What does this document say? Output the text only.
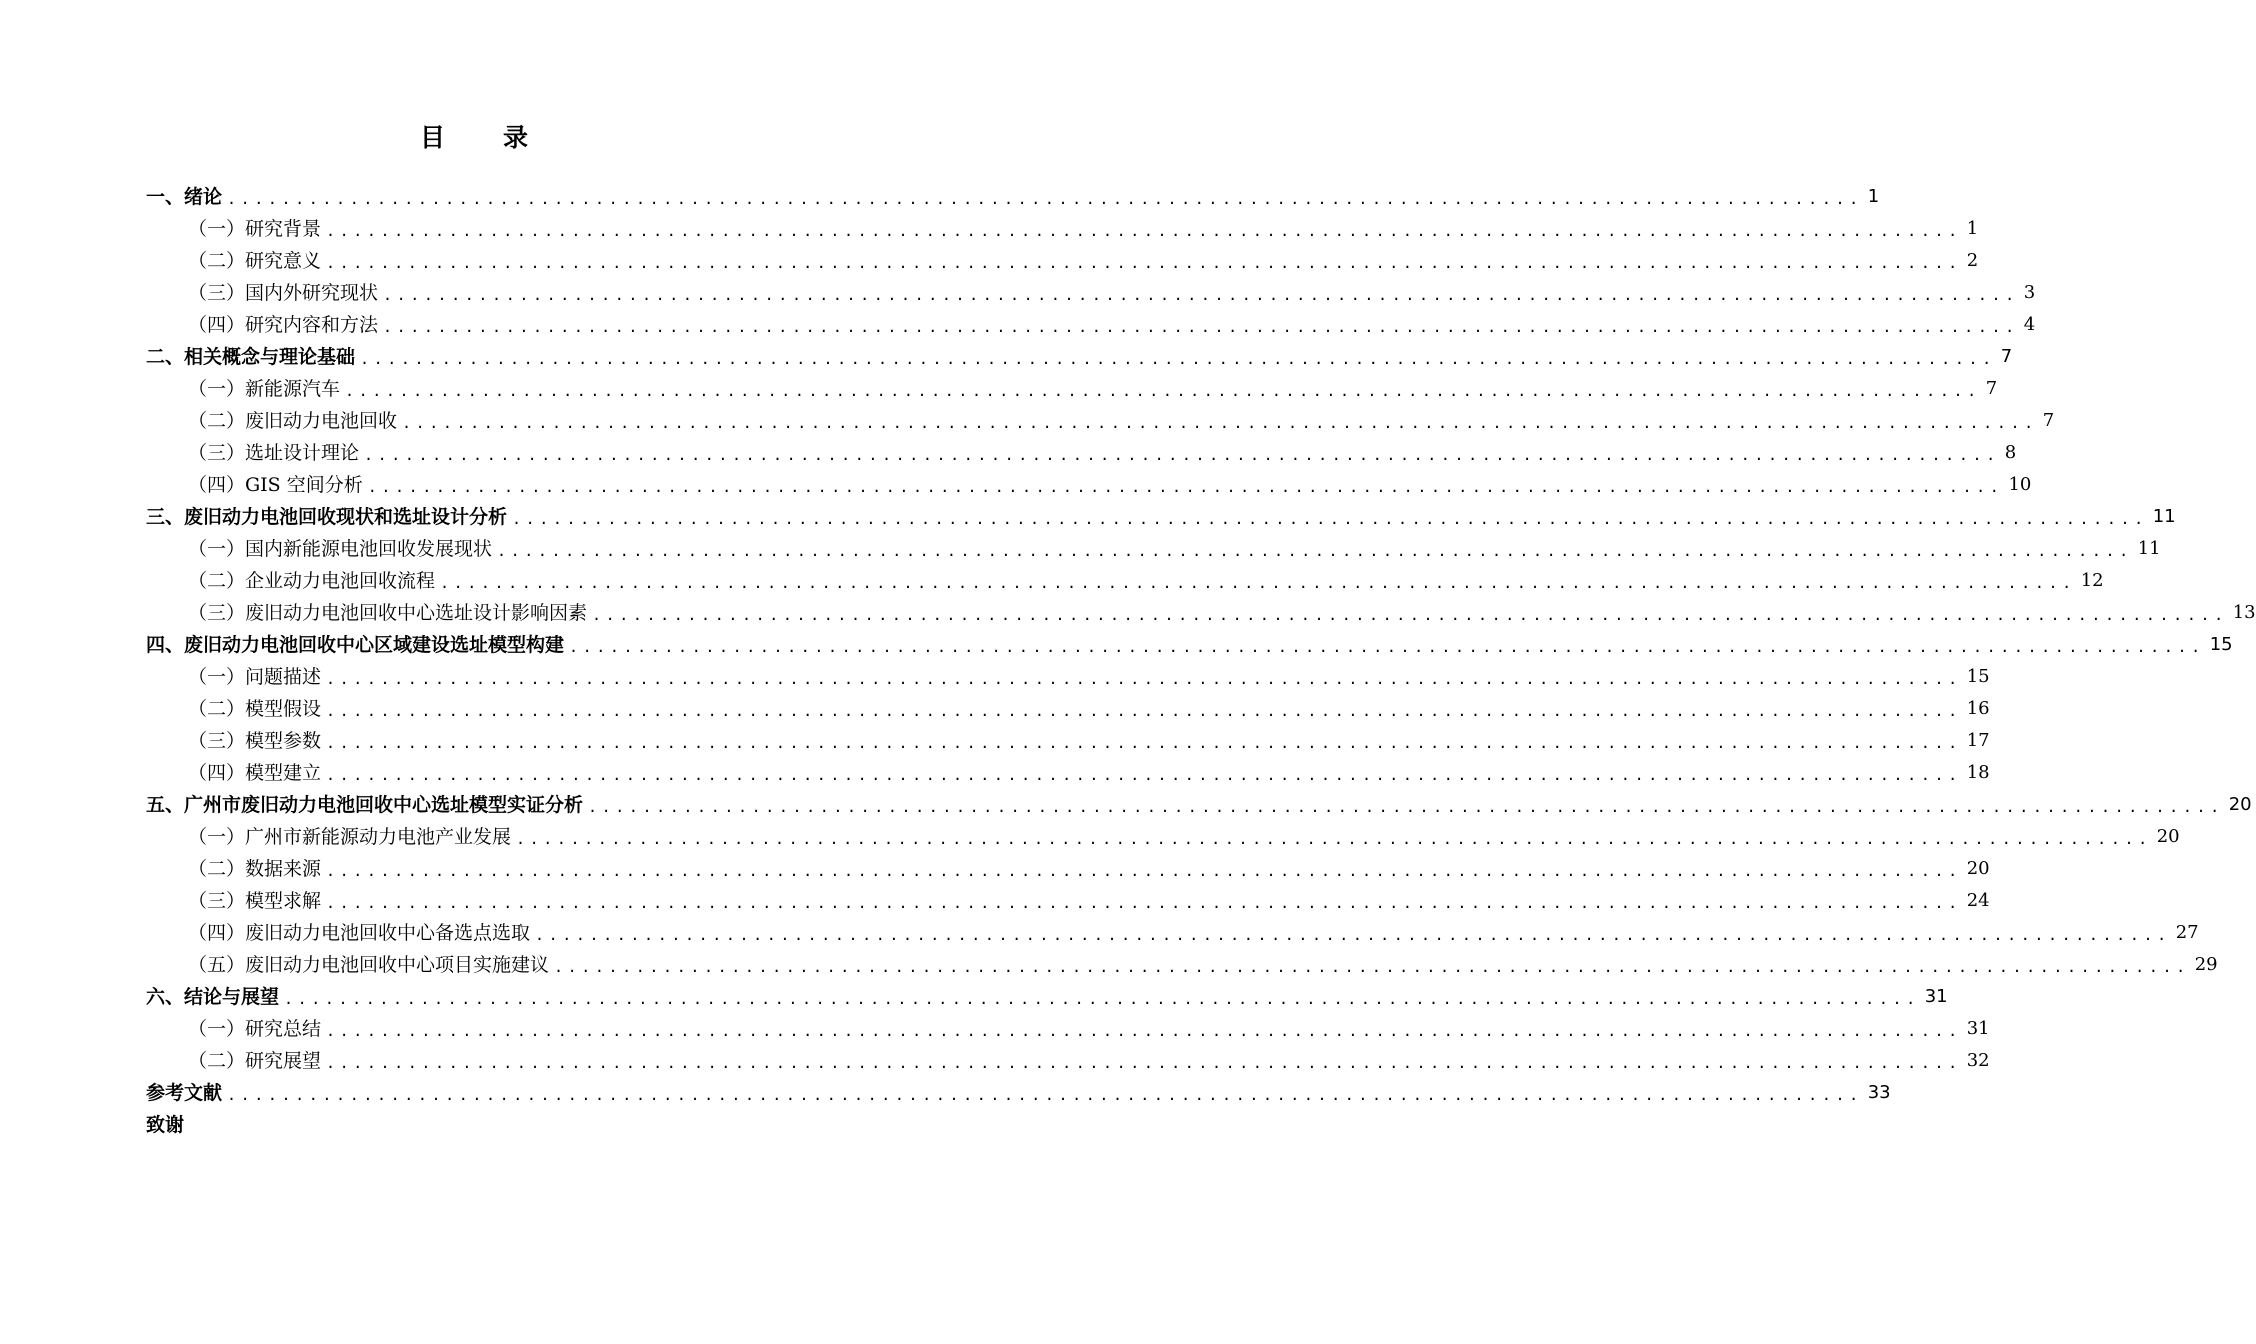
目 录
一、绪论 ........................................................................................................................ 1
（一）研究背景 ........................................................................................................................ 1
（二）研究意义 ........................................................................................................................ 2
（三）国内外研究现状 ........................................................................................................................ 3
（四）研究内容和方法 ........................................................................................................................ 4
二、相关概念与理论基础 ........................................................................................................................ 7
（一）新能源汽车 ........................................................................................................................ 7
（二）废旧动力电池回收 ........................................................................................................................ 7
（三）选址设计理论 ........................................................................................................................ 8
（四）GIS 空间分析 ........................................................................................................................ 10
三、废旧动力电池回收现状和选址设计分析 ........................................................................................................................ 11
（一）国内新能源电池回收发展现状 ........................................................................................................................ 11
（二）企业动力电池回收流程 ........................................................................................................................ 12
（三）废旧动力电池回收中心选址设计影响因素 ........................................................................................................................ 13
四、废旧动力电池回收中心区域建设选址模型构建 ........................................................................................................................ 15
（一）问题描述 ........................................................................................................................ 15
（二）模型假设 ........................................................................................................................ 16
（三）模型参数 ........................................................................................................................ 17
（四）模型建立 ........................................................................................................................ 18
五、广州市废旧动力电池回收中心选址模型实证分析 ........................................................................................................................ 20
（一）广州市新能源动力电池产业发展 ........................................................................................................................ 20
（二）数据来源 ........................................................................................................................ 20
（三）模型求解 ........................................................................................................................ 24
（四）废旧动力电池回收中心备选点选取 ........................................................................................................................ 27
（五）废旧动力电池回收中心项目实施建议 ........................................................................................................................ 29
六、结论与展望 ........................................................................................................................ 31
（一）研究总结 ........................................................................................................................ 31
（二）研究展望 ........................................................................................................................ 32
参考文献 ........................................................................................................................ 33
致谢
